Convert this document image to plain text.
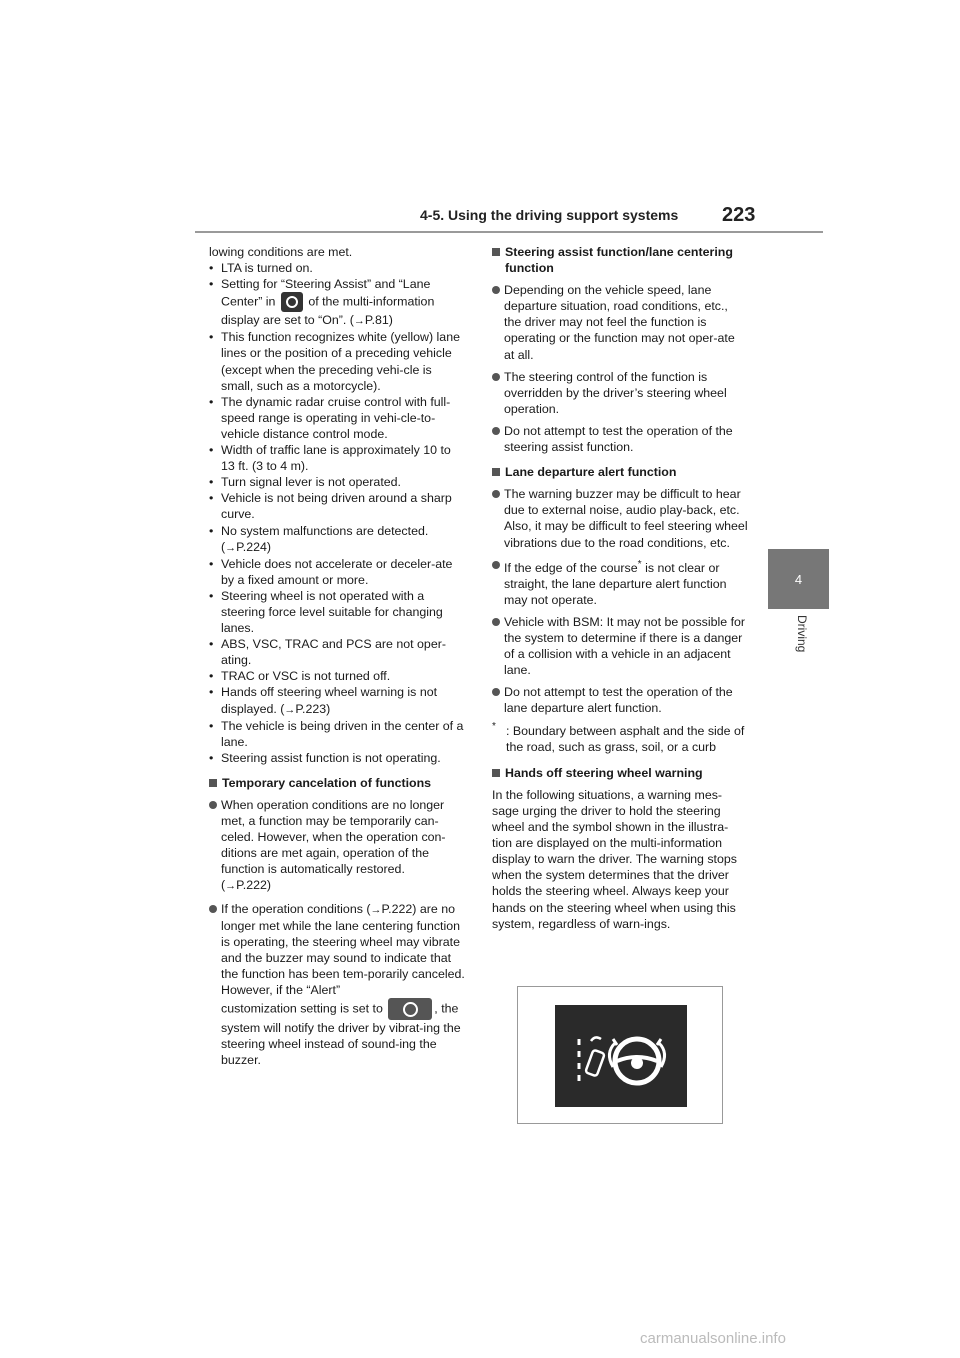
4-5. Using the driving support systems 223
4
Driving

lowing conditions are met.

• LTA is turned on.
• Setting for “Steering Assist” and “Lane
Center” in	of the multi-information display are set to “On”. (→P.81)
• This function recognizes white (yellow) lane lines or the position of a preceding vehicle (except when the preceding vehi-cle is small, such as a motorcycle).
• The dynamic radar cruise control with full-speed range is operating in vehi-cle-to-vehicle distance control mode.
• Width of traffic lane is approximately 10 to 13 ft. (3 to 4 m).
• Turn signal lever is not operated.
• Vehicle is not being driven around a sharp curve.
• No system malfunctions are detected.
(→P.224)
• Vehicle does not accelerate or deceler-ate by a fixed amount or more.
• Steering wheel is not operated with a steering force level suitable for changing lanes.
• ABS, VSC, TRAC and PCS are not oper-ating.
• TRAC or VSC is not turned off.
• Hands off steering wheel warning is not displayed. (→P.223)
• The vehicle is being driven in the center of a lane.
• Steering assist function is not operating.
Temporary cancelation of functions
When operation conditions are no longer met, a function may be temporarily can-celed. However, when the operation con-ditions are met again, operation of the function is automatically restored.
(→P.222)
If the operation conditions (→P.222) are no longer met while the lane centering function is operating, the steering wheel may vibrate and the buzzer may sound to indicate that the function has been tem-porarily canceled. However, if the “Alert”
customization setting is set to	, the system will notify the driver by vibrat-ing the steering wheel instead of sound-ing the buzzer.
Steering assist function/lane centering function
Depending on the vehicle speed, lane departure situation, road conditions, etc., the driver may not feel the function is operating or the function may not oper-ate at all.
The steering control of the function is overridden by the driver’s steering wheel operation.
Do not attempt to test the operation of the steering assist function.
Lane departure alert function
The warning buzzer may be difficult to hear due to external noise, audio play-back, etc. Also, it may be difficult to feel steering wheel vibrations due to the road conditions, etc.
If the edge of the course* is not clear or straight, the lane departure alert function may not operate.
Vehicle with BSM: It may not be possible for the system to determine if there is a danger of a collision with a vehicle in an adjacent lane.
Do not attempt to test the operation of the lane departure alert function.
* : Boundary between asphalt and the side of the road, such as grass, soil, or a curb
Hands off steering wheel warning

In the following situations, a warning mes-sage urging the driver to hold the steering wheel and the symbol shown in the illustra-tion are displayed on the multi-information display to warn the driver. The warning stops when the system determines that the driver holds the steering wheel. Always keep your hands on the steering wheel when using this system, regardless of warn-ings.

carmanualsonline.info
